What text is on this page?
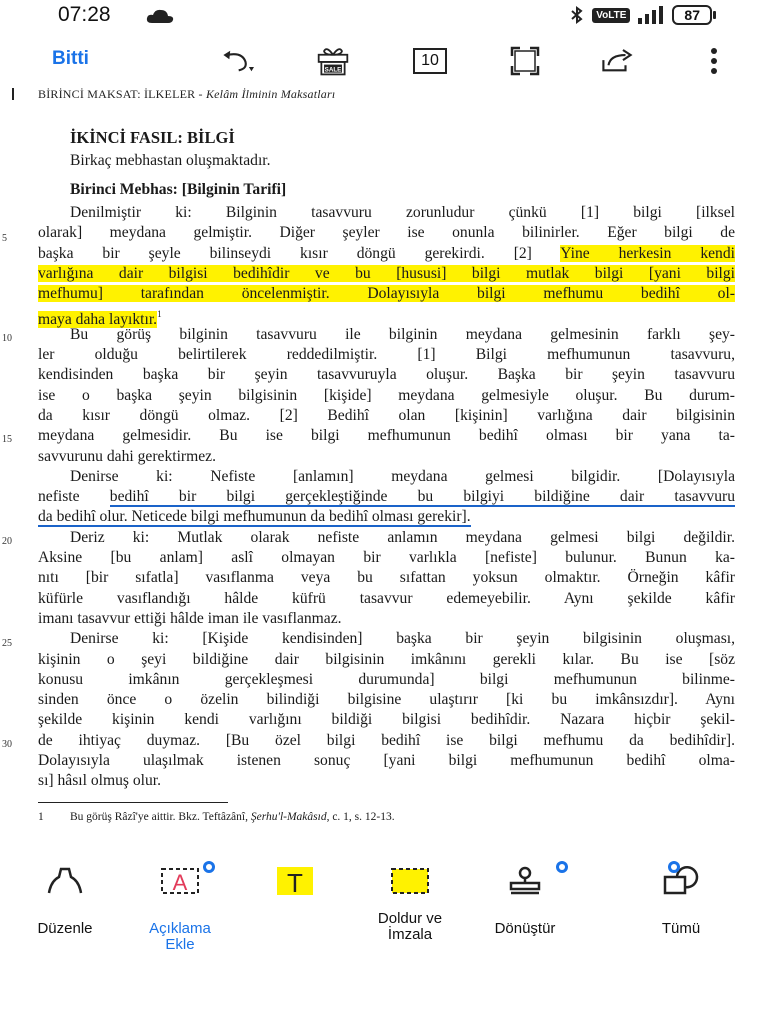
07:28	VoLTE	87
Bitti
SALE
10
BİRİNCİ MAKSAT: İLKELER - Kelâm İlminin Maksatları
İKİNCİ FASIL: BİLGİ
Birkaç mebhastan oluşmaktadır.
Birinci Mebhas: [Bilginin Tarifi]
5
10
15
20
25
30
Denilmiştir ki: Bilginin tasavvuru zorunludur çünkü [1] bilgi [ilksel
olarak] meydana gelmiştir. Diğer şeyler ise onunla bilinirler. Eğer bilgi de
başka bir şeyle bilinseydi kısır döngü gerekirdi. [2] Yine herkesin kendi
varlığına dair bilgisi bedihîdir ve bu [hususi] bilgi mutlak bilgi [yani bilgi
mefhumu] tarafından öncelenmiştir. Dolayısıyla bilgi mefhumu bedihî ol-
maya daha layıktır.$^1$
Bu görüş bilginin tasavvuru ile bilginin meydana gelmesinin farklı şey-
ler olduğu belirtilerek reddedilmiştir. [1] Bilgi mefhumunun tasavvuru,
kendisinden başka bir şeyin tasavvuruyla oluşur. Başka bir şeyin tasavvuru
ise o başka şeyin bilgisinin [kişide] meydana gelmesiyle oluşur. Bu durum-
da kısır döngü olmaz. [2] Bedihî olan [kişinin] varlığına dair bilgisinin
meydana gelmesidir. Bu ise bilgi mefhumunun bedihî olması bir yana ta-
savvurunu dahi gerektirmez.
Denirse ki: Nefiste [anlamın] meydana gelmesi bilgidir. [Dolayısıyla
nefiste bedihî bir bilgi gerçekleştiğinde bu bilgiyi bildiğine dair tasavvuru
da bedihî olur. Neticede bilgi mefhumunun da bedihî olması gerekir].
Deriz ki: Mutlak olarak nefiste anlamın meydana gelmesi bilgi değildir.
Aksine [bu anlam] aslî olmayan bir varlıkla [nefiste] bulunur. Bunun ka-
nıtı [bir sıfatla] vasıflanma veya bu sıfattan yoksun olmaktır. Örneğin kâfir
küfürle vasıflandığı hâlde küfrü tasavvur edemeyebilir. Aynı şekilde kâfir
imanı tasavvur ettiği hâlde iman ile vasıflanmaz.
Denirse ki: [Kişide kendisinden] başka bir şeyin bilgisinin oluşması,
kişinin o şeyi bildiğine dair bilgisinin imkânını gerekli kılar. Bu ise [söz
konusu imkânın gerçekleşmesi durumunda] bilgi mefhumunun bilinme-
sinden önce o özelin bilindiği bilgisine ulaştırır [ki bu imkânsızdır]. Aynı
şekilde kişinin kendi varlığını bildiği bilgisi bedihîdir. Nazara hiçbir şekil-
de ihtiyaç duymaz. [Bu özel bilgi bedihî ise bilgi mefhumu da bedihîdir].
Dolayısıyla ulaşılmak istenen sonuç [yani bilgi mefhumunun bedihî olma-
sı] hâsıl olmuş olur.
1 Bu görüş Râzî'ye aittir. Bkz. Teftâzânî, Şerhu'l-Makâsıd, c. 1, s. 12-13.
Düzenle
A
Açıklama
Ekle
T
Doldur ve
İmzala	Dönüştür	Tümü
